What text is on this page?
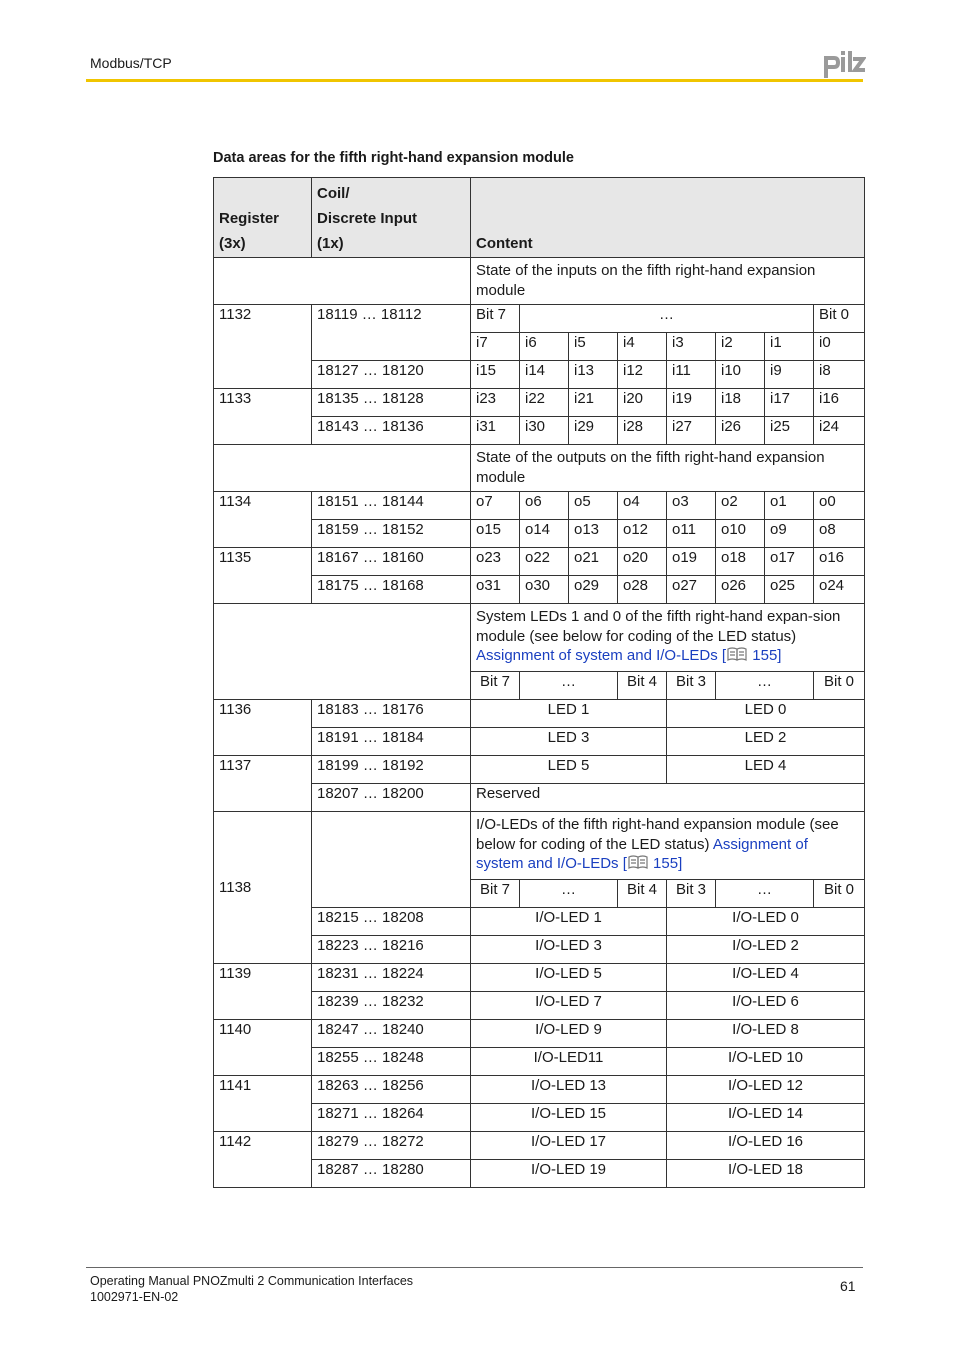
Modbus/TCP
Data areas for the fifth right-hand expansion module
Register
(3x)	Coil/
Discrete Input
(1x)	Content							
		State of the inputs on the fifth right-hand expansion module							
1132	18119 … 18112	Bit 7	…						Bit 0
		i7	i6	i5	i4	i3	i2	i1	i0
	18127 … 18120	i15	i14	i13	i12	i11	i10	i9	i8
1133	18135 … 18128	i23	i22	i21	i20	i19	i18	i17	i16
	18143 … 18136	i31	i30	i29	i28	i27	i26	i25	i24
		State of the outputs on the fifth right-hand expansion module							
1134	18151 … 18144	o7	o6	o5	o4	o3	o2	o1	o0
	18159 … 18152	o15	o14	o13	o12	o11	o10	o9	o8
1135	18167 … 18160	o23	o22	o21	o20	o19	o18	o17	o16
	18175 … 18168	o31	o30	o29	o28	o27	o26	o25	o24
		System LEDs 1 and 0 of the fifth right-hand expan-sion module (see below for coding of the LED status)
Assignment of system and I/O-LEDs [ 155]							
		Bit 7	…		Bit 4	Bit 3	…		Bit 0
1136	18183 … 18176	LED 1				LED 0			
	18191 … 18184	LED 3				LED 2			
1137	18199 … 18192	LED 5				LED 4			
	18207 … 18200	Reserved							
1138		I/O-LEDs of the fifth right-hand expansion module (see below for coding of the LED status) Assignment of system and I/O-LEDs [ 155]							
		Bit 7	…		Bit 4	Bit 3	…		Bit 0
	18215 … 18208	I/O-LED 1				I/O-LED 0			
	18223 … 18216	I/O-LED 3				I/O-LED 2			
1139	18231 … 18224	I/O-LED 5				I/O-LED 4			
	18239 … 18232	I/O-LED 7				I/O-LED 6			
1140	18247 … 18240	I/O-LED 9				I/O-LED 8			
	18255 … 18248	I/O-LED11				I/O-LED 10			
1141	18263 … 18256	I/O-LED 13				I/O-LED 12			
	18271 … 18264	I/O-LED 15				I/O-LED 14			
1142	18279 … 18272	I/O-LED 17				I/O-LED 16			
	18287 … 18280	I/O-LED 19				I/O-LED 18			
Operating Manual PNOZmulti 2 Communication Interfaces
1002971-EN-02
61
